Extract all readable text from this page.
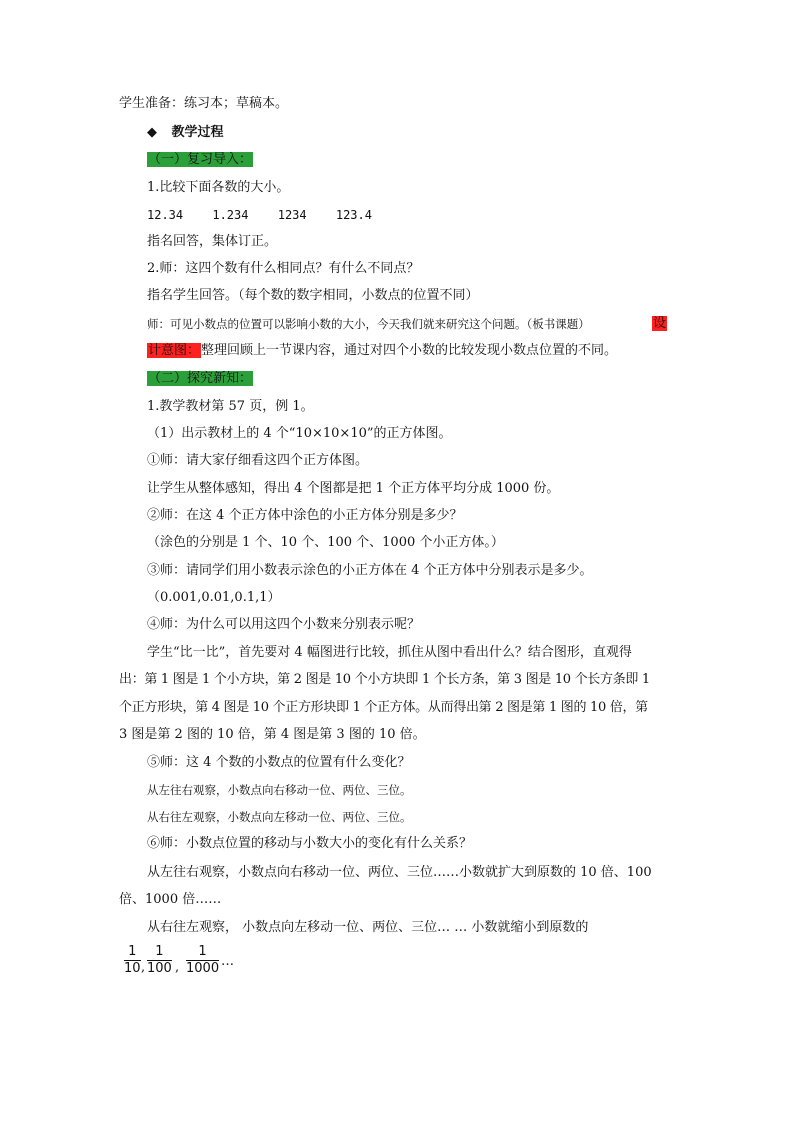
学生准备：练习本；草稿本。
◆ 教学过程
（一）复习导入：
1.比较下面各数的大小。
12.34 1.234 1234 123.4
指名回答，集体订正。
2.师：这四个数有什么相同点？有什么不同点？
指名学生回答。（每个数的数字相同，小数点的位置不同）
师：可见小数点的位置可以影响小数的大小，今天我们就来研究这个问题。（板书课题）	设
计意图：整理回顾上一节课内容，通过对四个小数的比较发现小数点位置的不同。
（二）探究新知：
1.教学教材第 57 页，例 1。
（1）出示教材上的 4 个“10×10×10”的正方体图。
①师：请大家仔细看这四个正方体图。
让学生从整体感知，得出 4 个图都是把 1 个正方体平均分成 1000 份。
②师：在这 4 个正方体中涂色的小正方体分别是多少？
（涂色的分别是 1 个、10 个、100 个、1000 个小正方体。）
③师：请同学们用小数表示涂色的小正方体在 4 个正方体中分别表示是多少。
（0.001,0.01,0.1,1）
④师：为什么可以用这四个小数来分别表示呢？
学生“比一比”，首先要对 4 幅图进行比较，抓住从图中看出什么？结合图形，直观得
出：第 1 图是 1 个小方块，第 2 图是 10 个小方块即 1 个长方条，第 3 图是 10 个长方条即 1
个正方形块，第 4 图是 10 个正方形块即 1 个正方体。从而得出第 2 图是第 1 图的 10 倍，第
3 图是第 2 图的 10 倍，第 4 图是第 3 图的 10 倍。
⑤师：这 4 个数的小数点的位置有什么变化？
从左往右观察，小数点向右移动一位、两位、三位。
从右往左观察，小数点向左移动一位、两位、三位。
⑥师：小数点位置的移动与小数大小的变化有什么关系？
从左往右观察，小数点向右移动一位、两位、三位……小数就扩大到原数的 10 倍、100
倍、1000 倍……
从右往左观察， 小数点向左移动一位、两位、三位… … 小数就缩小到原数的
1
10 ,
1
100 ,
1
1000 …
